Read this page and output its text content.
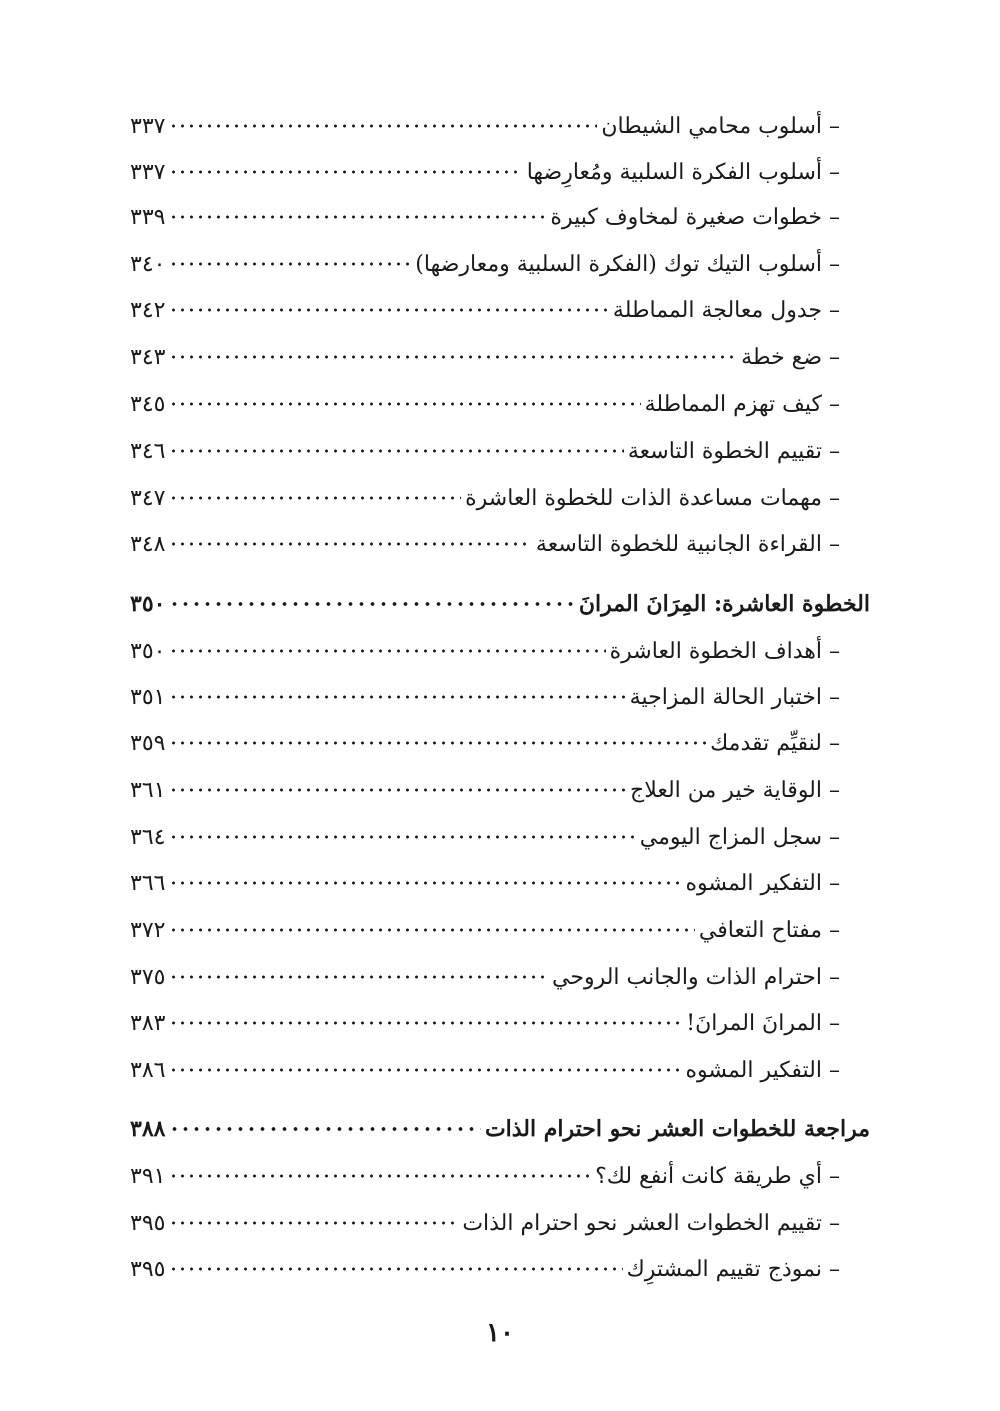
– أسلوب محامي الشيطان
٣٣٧
– أسلوب الفكرة السلبية ومُعارِضها
٣٣٧
– خطوات صغيرة لمخاوف كبيرة
٣٣٩
– أسلوب التيك توك (الفكرة السلبية ومعارضها)
٣٤٠
– جدول معالجة المماطلة
٣٤٢
– ضع خطة
٣٤٣
– كيف تهزم المماطلة
٣٤٥
– تقييم الخطوة التاسعة
٣٤٦
– مهمات مساعدة الذات للخطوة العاشرة
٣٤٧
– القراءة الجانبية للخطوة التاسعة
٣٤٨
الخطوة العاشرة: المِرَانَ المرانَ
٣٥٠
– أهداف الخطوة العاشرة
٣٥٠
– اختبار الحالة المزاجية
٣٥١
– لنقيِّم تقدمك
٣٥٩
– الوقاية خير من العلاج
٣٦١
– سجل المزاج اليومي
٣٦٤
– التفكير المشوه
٣٦٦
– مفتاح التعافي
٣٧٢
– احترام الذات والجانب الروحي
٣٧٥
– المرانَ المرانَ!
٣٨٣
– التفكير المشوه
٣٨٦
مراجعة للخطوات العشر نحو احترام الذات
٣٨٨
– أي طريقة كانت أنفع لك؟
٣٩١
– تقييم الخطوات العشر نحو احترام الذات
٣٩٥
– نموذج تقييم المشترِك
٣٩٥
١٠
